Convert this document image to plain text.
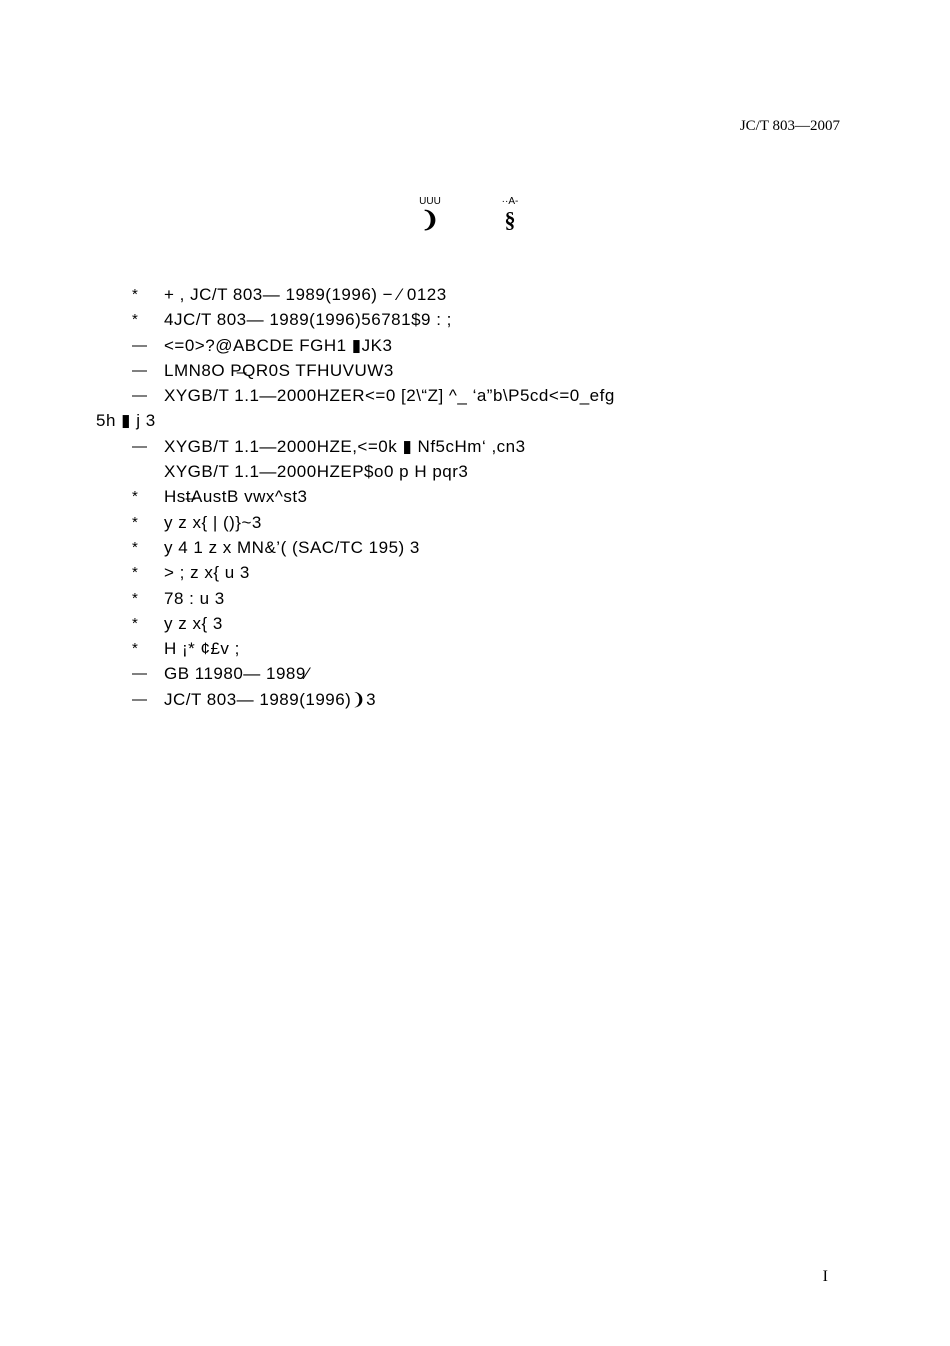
JC/T 803—2007
UUU
❩
··A-
§
*	+ , JC/T 803— 1989(1996) − ⁄ 0123
*	4JC/T 803— 1989(1996)56781$9 : ;
— <=0>?@ABCDE FGH1 ▮JK3
— LMN8O P̶QR0S TFHUVUW3
— XYGB/T 1.1—2000HZER<=0 [2\“Z] ^_ ‘a”b\P5cd<=0_efg
5h ▮ j 3
— XYGB/T 1.1—2000HZE,<=0k ▮ Nf5cHm‘ ,cn3
XYGB/T 1.1—2000HZEP$o0 p H pqr3
*	Hst̶AustB vwx^st3
*	y z x{ | ()}~3
*	y 4 1 z x MN&’( (SAC/TC 195) 3
*	> ; z x{ u 3
*	78 : u 3
*	y z x{ 3
*	H ¡* ¢£v ;
— GB 11980— 1989⁄
— JC/T 803— 1989(1996)❩3
I
